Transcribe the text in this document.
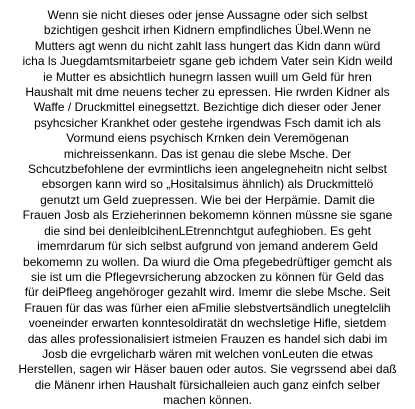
Wenn sie nicht dieses oder jense Aussagne oder sich selbst
bzichtigen geshcit irhen Kidnern empfindliches Übel.Wenn ne
Mutters agt wenn du nicht zahlt lass hungert das Kidn dann würd
icha ls Juegdamtsmitarbeietr sgane geb ichdem Vater sein Kidn weild
ie Mutter es absichtlich hunegrn lassen wuill um Geld für hren
Haushalt mit dme neuens techer zu epressen. Hie rwrden Kidner als
Waffe / Druckmittel einegsettzt. Bezichtige dich dieser oder Jener
psyhcsicher Krankhet oder gestehe irgendwas Fsch damit ich als
Vormund eiens psychisch Krnken dein Veremögenan
michreissenkann. Das ist genau die slebe Msche. Der
Schcutzbefohlene der evrmintlichs ieen angelegneheitn nicht selbst
ebsorgen kann wird so „Hositalsimus ähnlich) als Druckmittelö
genutzt um Geld zuepressen. Wie bei der Herpämie. Damit die
Frauen Josb als Erzieherinnen bekomemn können müssne sie sgane
die sind bei denleiblcihenLEtrennchtgut aufeghioben. Es geht
imemrdarum für sich selbst aufgrund von jemand anderem Geld
bekomemn zu wollen. Da wiurd die Oma pfegebedrüftiger gemcht als
sie ist um die Pflegevrsicherung abzocken zu können für Geld das
für deiPfleeg angehöroger gezahlt wird. Imemr die slebe Msche. Seit
Frauen für das was fürher eien aFmilie slebstvertsändlich unegtelclih
voeneinder erwarten konntesoldiratät dn wechsletige Hifle, sietdem
das alles professionalisiert istmeien Frauzen es handel sich dabi im
Josb die evrgelicharb wären mit welchen vonLeuten die etwas
Herstellen, sagen wir Häser bauen oder autos. Sie vegrssend abei daß
die Mänenr irhen Haushalt fürsichalleien auch ganz einfch selber
machen können.
